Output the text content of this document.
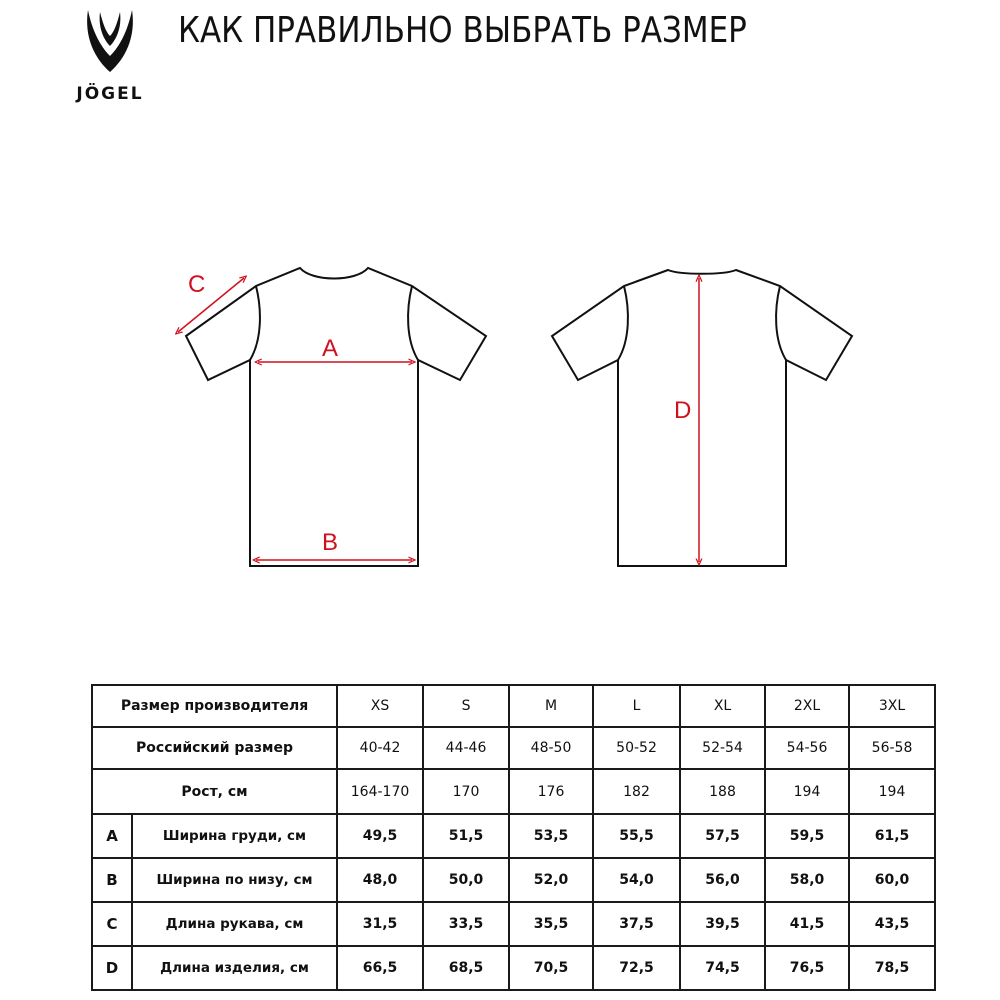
JÖGEL
КАК ПРАВИЛЬНО ВЫБРАТЬ РАЗМЕР
A
B
C
D
Размер производителя		XS	S	M	L	XL	2XL	3XL
Российский размер		40-42	44-46	48-50	50-52	52-54	54-56	56-58
Рост, см		164-170	170	176	182	188	194	194
A	Ширина груди, см	49,5	51,5	53,5	55,5	57,5	59,5	61,5
B	Ширина по низу, см	48,0	50,0	52,0	54,0	56,0	58,0	60,0
C	Длина рукава, см	31,5	33,5	35,5	37,5	39,5	41,5	43,5
D	Длина изделия, см	66,5	68,5	70,5	72,5	74,5	76,5	78,5
